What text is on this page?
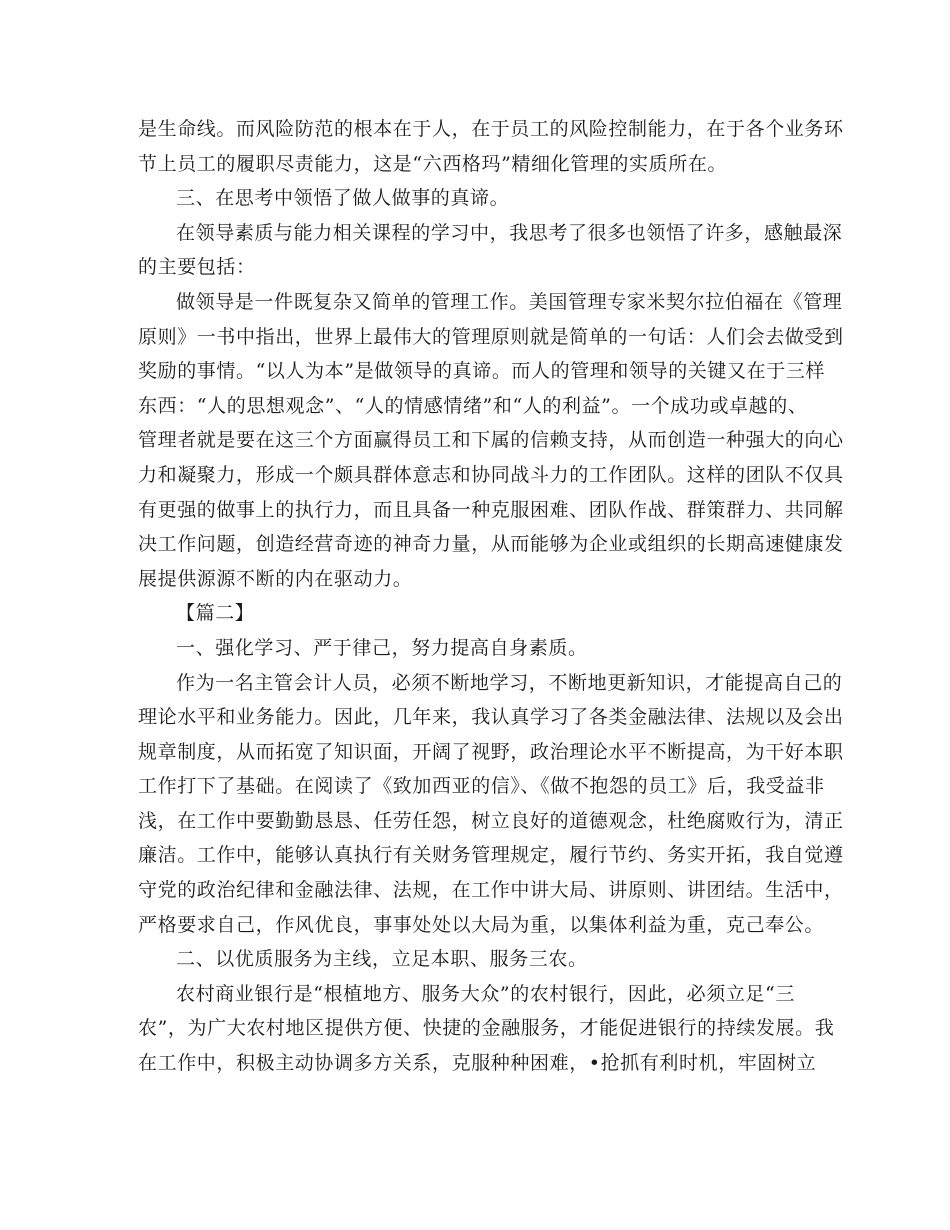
是生命线。而风险防范的根本在于人，在于员工的风险控制能力，在于各个业务环
节上员工的履职尽责能力，这是“六西格玛”精细化管理的实质所在。
三、在思考中领悟了做人做事的真谛。
在领导素质与能力相关课程的学习中，我思考了很多也领悟了许多，感触最深
的主要包括：
做领导是一件既复杂又简单的管理工作。美国管理专家米契尔拉伯福在《管理
原则》一书中指出，世界上最伟大的管理原则就是简单的一句话：人们会去做受到
奖励的事情。“以人为本”是做领导的真谛。而人的管理和领导的关键又在于三样
东西：“人的思想观念”、“人的情感情绪”和“人的利益”。一个成功或卓越的、
管理者就是要在这三个方面赢得员工和下属的信赖支持，从而创造一种强大的向心
力和凝聚力，形成一个颇具群体意志和协同战斗力的工作团队。这样的团队不仅具
有更强的做事上的执行力，而且具备一种克服困难、团队作战、群策群力、共同解
决工作问题，创造经营奇迹的神奇力量，从而能够为企业或组织的长期高速健康发
展提供源源不断的内在驱动力。
【篇二】
一、强化学习、严于律己，努力提高自身素质。
作为一名主管会计人员，必须不断地学习，不断地更新知识，才能提高自己的
理论水平和业务能力。因此，几年来，我认真学习了各类金融法律、法规以及会出
规章制度，从而拓宽了知识面，开阔了视野，政治理论水平不断提高，为干好本职
工作打下了基础。在阅读了《致加西亚的信》、《做不抱怨的员工》后，我受益非
浅，在工作中要勤勤恳恳、任劳任怨，树立良好的道德观念，杜绝腐败行为，清正
廉洁。工作中，能够认真执行有关财务管理规定，履行节约、务实开拓，我自觉遵
守党的政治纪律和金融法律、法规，在工作中讲大局、讲原则、讲团结。生活中，
严格要求自己，作风优良，事事处处以大局为重，以集体利益为重，克己奉公。
二、以优质服务为主线，立足本职、服务三农。
农村商业银行是“根植地方、服务大众”的农村银行，因此，必须立足“三
农”，为广大农村地区提供方便、快捷的金融服务，才能促进银行的持续发展。我
在工作中，积极主动协调多方关系，克服种种困难，•抢抓有利时机，牢固树立
